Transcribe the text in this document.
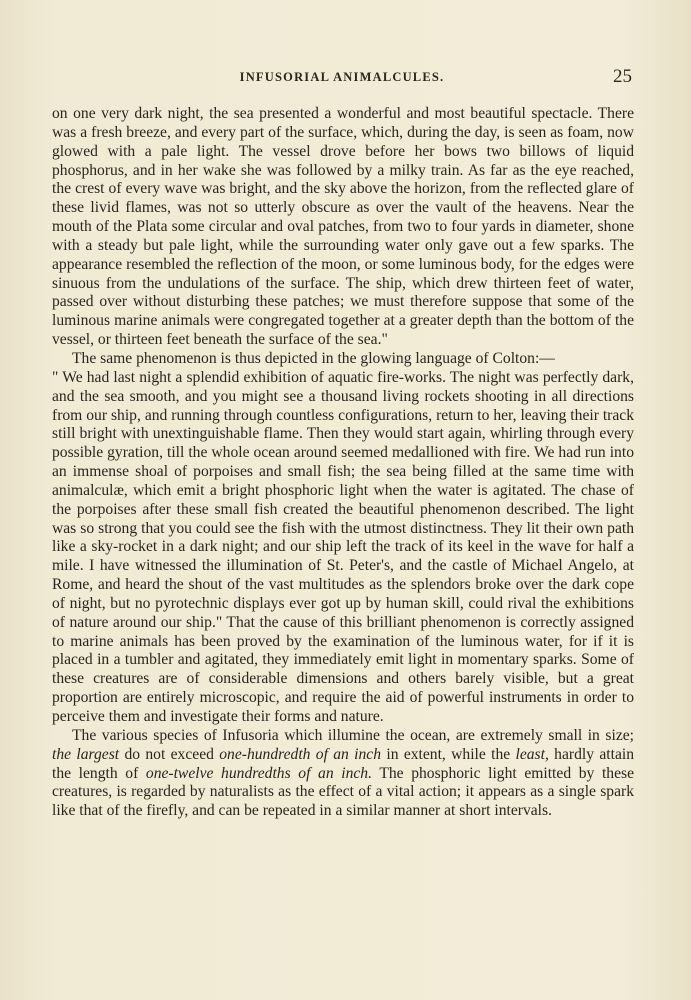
INFUSORIAL ANIMALCULES.	25

on one very dark night, the sea presented a wonderful and most beautiful spectacle. There was a fresh breeze, and every part of the surface, which, during the day, is seen as foam, now glowed with a pale light. The vessel drove before her bows two billows of liquid phosphorus, and in her wake she was followed by a milky train. As far as the eye reached, the crest of every wave was bright, and the sky above the horizon, from the reflected glare of these livid flames, was not so utterly obscure as over the vault of the heavens. Near the mouth of the Plata some circular and oval patches, from two to four yards in diameter, shone with a steady but pale light, while the surrounding water only gave out a few sparks. The appearance resembled the reflection of the moon, or some luminous body, for the edges were sinuous from the undulations of the surface. The ship, which drew thirteen feet of water, passed over without disturbing these patches; we must therefore suppose that some of the luminous marine animals were congregated together at a greater depth than the bottom of the vessel, or thirteen feet beneath the surface of the sea."

The same phenomenon is thus depicted in the glowing language of Colton:—

" We had last night a splendid exhibition of aquatic fire-works. The night was perfectly dark, and the sea smooth, and you might see a thousand living rockets shooting in all directions from our ship, and running through countless configurations, return to her, leaving their track still bright with unextinguishable flame. Then they would start again, whirling through every possible gyration, till the whole ocean around seemed medallioned with fire. We had run into an immense shoal of porpoises and small fish; the sea being filled at the same time with animalculæ, which emit a bright phosphoric light when the water is agitated. The chase of the porpoises after these small fish created the beautiful phenomenon described. The light was so strong that you could see the fish with the utmost distinctness. They lit their own path like a sky-rocket in a dark night; and our ship left the track of its keel in the wave for half a mile. I have witnessed the illumination of St. Peter's, and the castle of Michael Angelo, at Rome, and heard the shout of the vast multitudes as the splendors broke over the dark cope of night, but no pyrotechnic displays ever got up by human skill, could rival the exhibitions of nature around our ship." That the cause of this brilliant phenomenon is correctly assigned to marine animals has been proved by the examination of the luminous water, for if it is placed in a tumbler and agitated, they immediately emit light in momentary sparks. Some of these creatures are of considerable dimensions and others barely visible, but a great proportion are entirely microscopic, and require the aid of powerful instruments in order to perceive them and investigate their forms and nature.

The various species of Infusoria which illumine the ocean, are extremely small in size; the largest do not exceed one-hundredth of an inch in extent, while the least, hardly attain the length of one-twelve hundredths of an inch. The phosphoric light emitted by these creatures, is regarded by naturalists as the effect of a vital action; it appears as a single spark like that of the firefly, and can be repeated in a similar manner at short intervals.
